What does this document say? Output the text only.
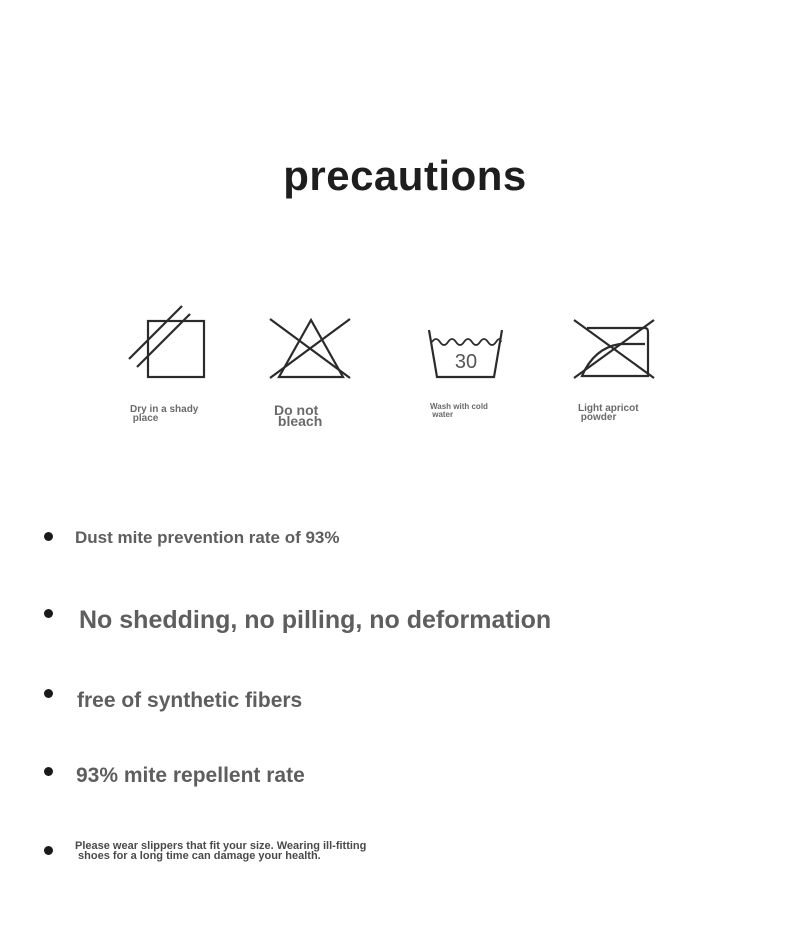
precautions
Dry in a shady
place
Do not
bleach
30
Wash with cold
water
Light apricot
powder
Dust mite prevention rate of 93%
No shedding, no pilling, no deformation
free of synthetic fibers
93% mite repellent rate
Please wear slippers that fit your size. Wearing ill-fitting
shoes for a long time can damage your health.
